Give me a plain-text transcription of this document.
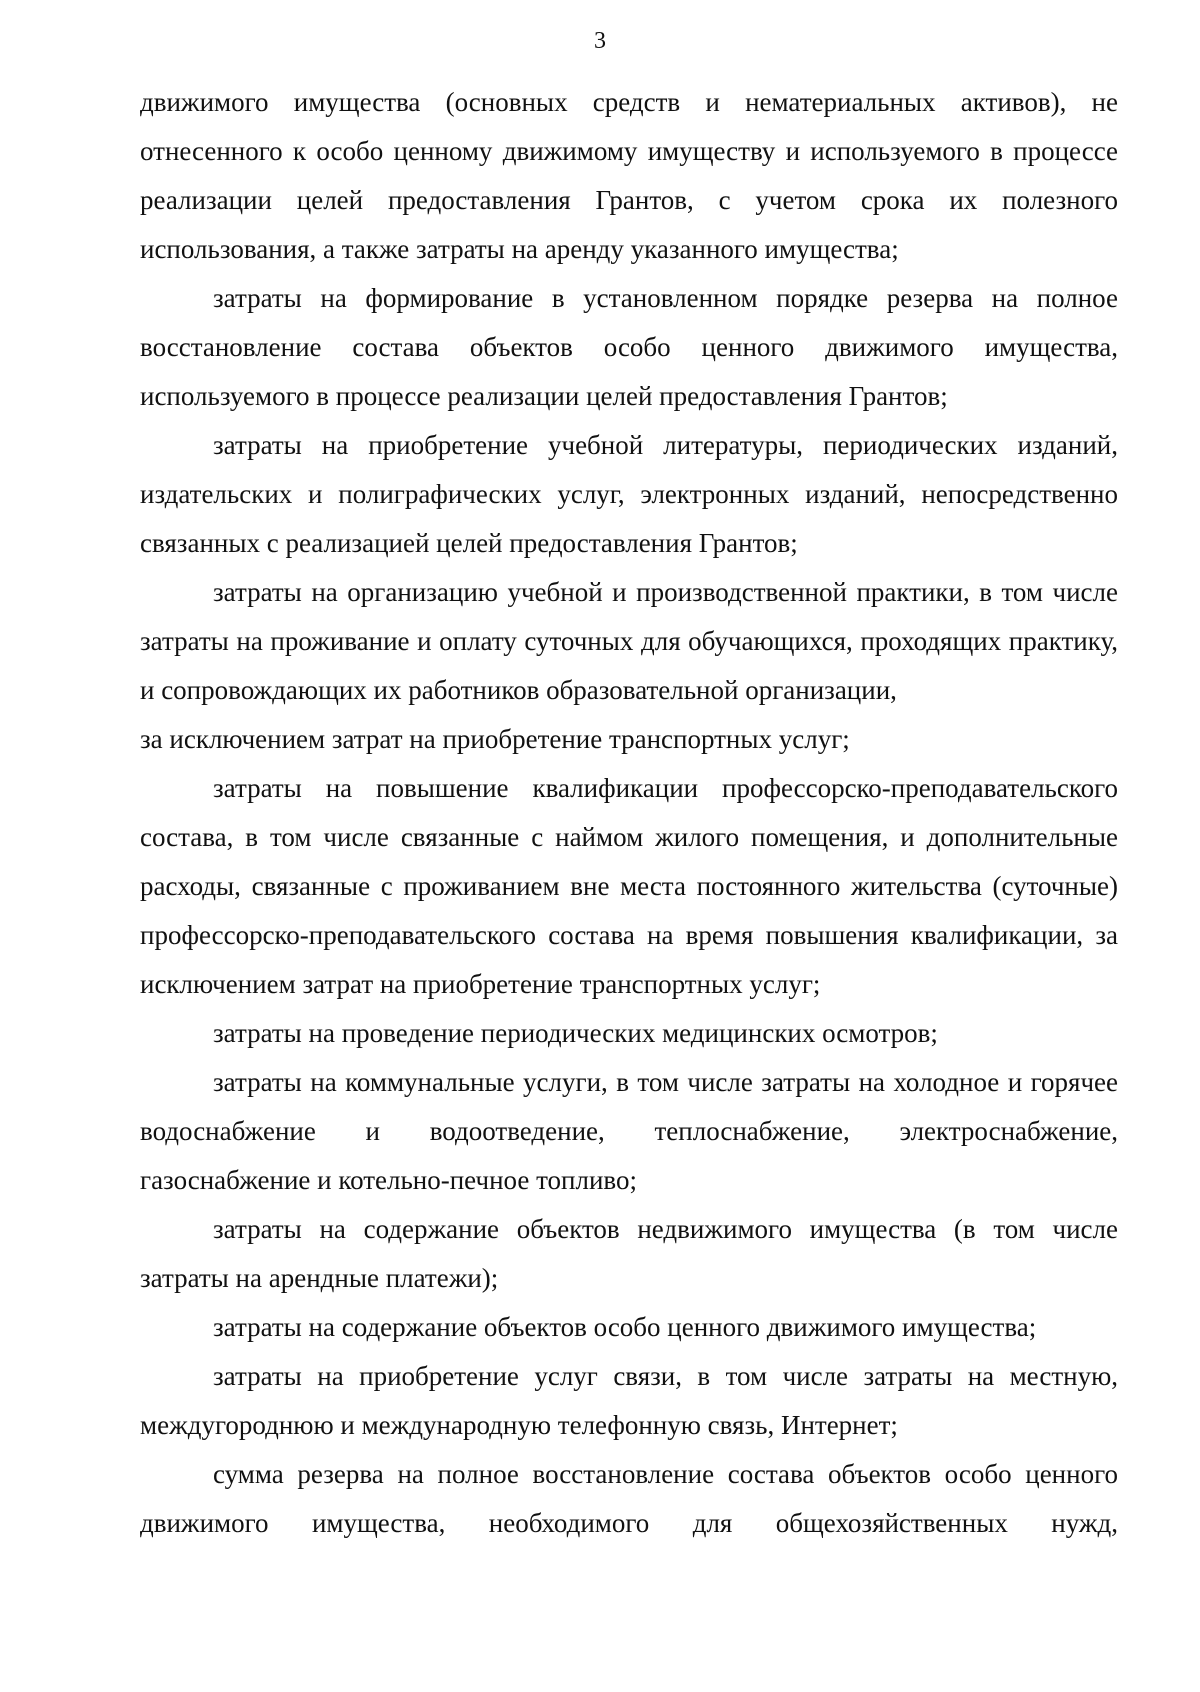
3

движимого имущества (основных средств и нематериальных активов), не отнесенного к особо ценному движимому имуществу и используемого в процессе реализации целей предоставления Грантов, с учетом срока их полезного использования, а также затраты на аренду указанного имущества;

затраты на формирование в установленном порядке резерва на полное восстановление состава объектов особо ценного движимого имущества, используемого в процессе реализации целей предоставления Грантов;

затраты на приобретение учебной литературы, периодических изданий, издательских и полиграфических услуг, электронных изданий, непосредственно связанных с реализацией целей предоставления Грантов;

затраты на организацию учебной и производственной практики, в том числе затраты на проживание и оплату суточных для обучающихся, проходящих практику, и сопровождающих их работников образовательной организации,

за исключением затрат на приобретение транспортных услуг;

затраты на повышение квалификации профессорско-преподавательского состава, в том числе связанные с наймом жилого помещения, и дополнительные расходы, связанные с проживанием вне места постоянного жительства (суточные) профессорско-преподавательского состава на время повышения квалификации, за исключением затрат на приобретение транспортных услуг;

затраты на проведение периодических медицинских осмотров;

затраты на коммунальные услуги, в том числе затраты на холодное и горячее водоснабжение и водоотведение, теплоснабжение, электроснабжение, газоснабжение и котельно-печное топливо;

затраты на содержание объектов недвижимого имущества (в том числе затраты на арендные платежи);

затраты на содержание объектов особо ценного движимого имущества;

затраты на приобретение услуг связи, в том числе затраты на местную, междугороднюю и международную телефонную связь, Интернет;

сумма резерва на полное восстановление состава объектов особо ценного движимого имущества, необходимого для общехозяйственных нужд,
